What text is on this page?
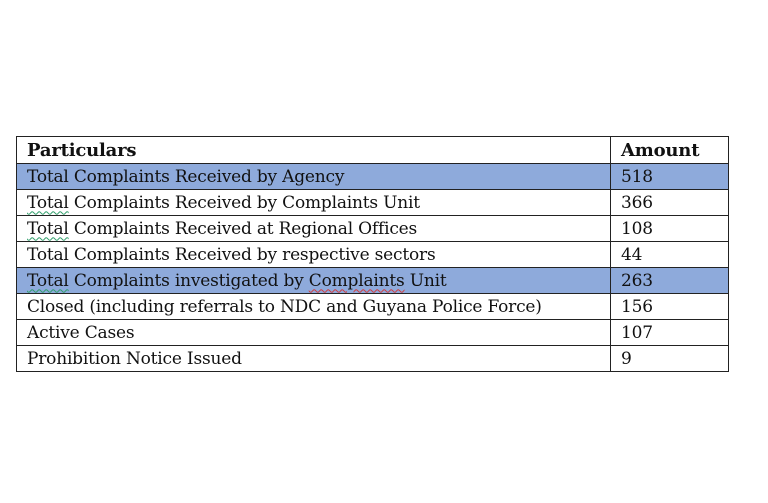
Particulars	Amount
Total Complaints Received by Agency	518
Total Complaints Received by Complaints Unit	366
Total Complaints Received at Regional Offices	108
Total Complaints Received by respective sectors	44
Total Complaints investigated by Complaints Unit	263
Closed (including referrals to NDC and Guyana Police Force)	156
Active Cases	107
Prohibition Notice Issued	9
